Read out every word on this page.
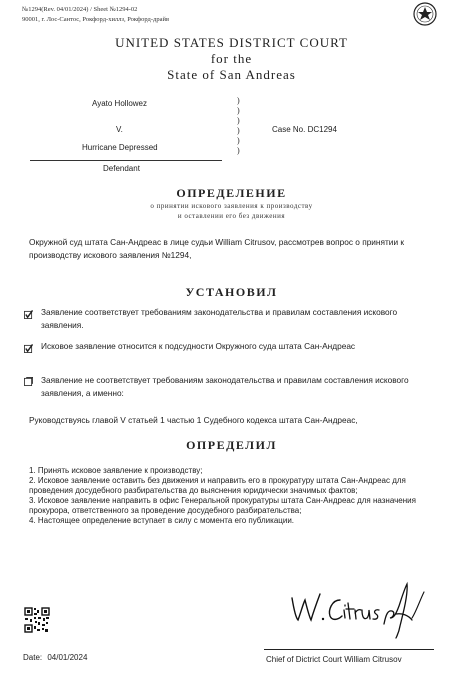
№1294(Rev. 04/01/2024) / Sheet №1294-02
90001, г. Лос-Сантос, Рокфорд-хиллз, Рокфорд-драйв
UNITED STATES DISTRICT COURT
for the
State of San Andreas
Ayato Hollowez
V.
Hurricane Depressed
Defendant
)
)
)
)
)
)
Case No. DC1294
ОПРЕДЕЛЕНИЕ
о принятии искового заявления к производству
и оставлении его без движения
Окружной суд штата Сан-Андреас в лице судьи William Citrusov, рассмотрев вопрос о принятии к производству искового заявления №1294,
УСТАНОВИЛ
Заявление соответствует требованиям законодательства и правилам составления искового заявления.
Исковое заявление относится к подсудности Окружного суда штата Сан-Андреас
Заявление не соответствует требованиям законодательства и правилам составления искового заявления, а именно:
Руководствуясь главой V статьей 1 частью 1 Судебного кодекса штата Сан-Андреас,
ОПРЕДЕЛИЛ
1. Принять исковое заявление к производству;
2. Исковое заявление оставить без движения и направить его в прокуратуру штата Сан-Андреас для проведения досудебного разбирательства до выяснения юридически значимых фактов;
3. Исковое заявление направить в офис Генеральной прокуратуры штата Сан-Андреас для назначения прокурора, ответственного за проведение досудебного разбирательства;
4. Настоящее определение вступает в силу с момента его публикации.
Date: 04/01/2024	Chief of Dictrict Court William Citrusov
